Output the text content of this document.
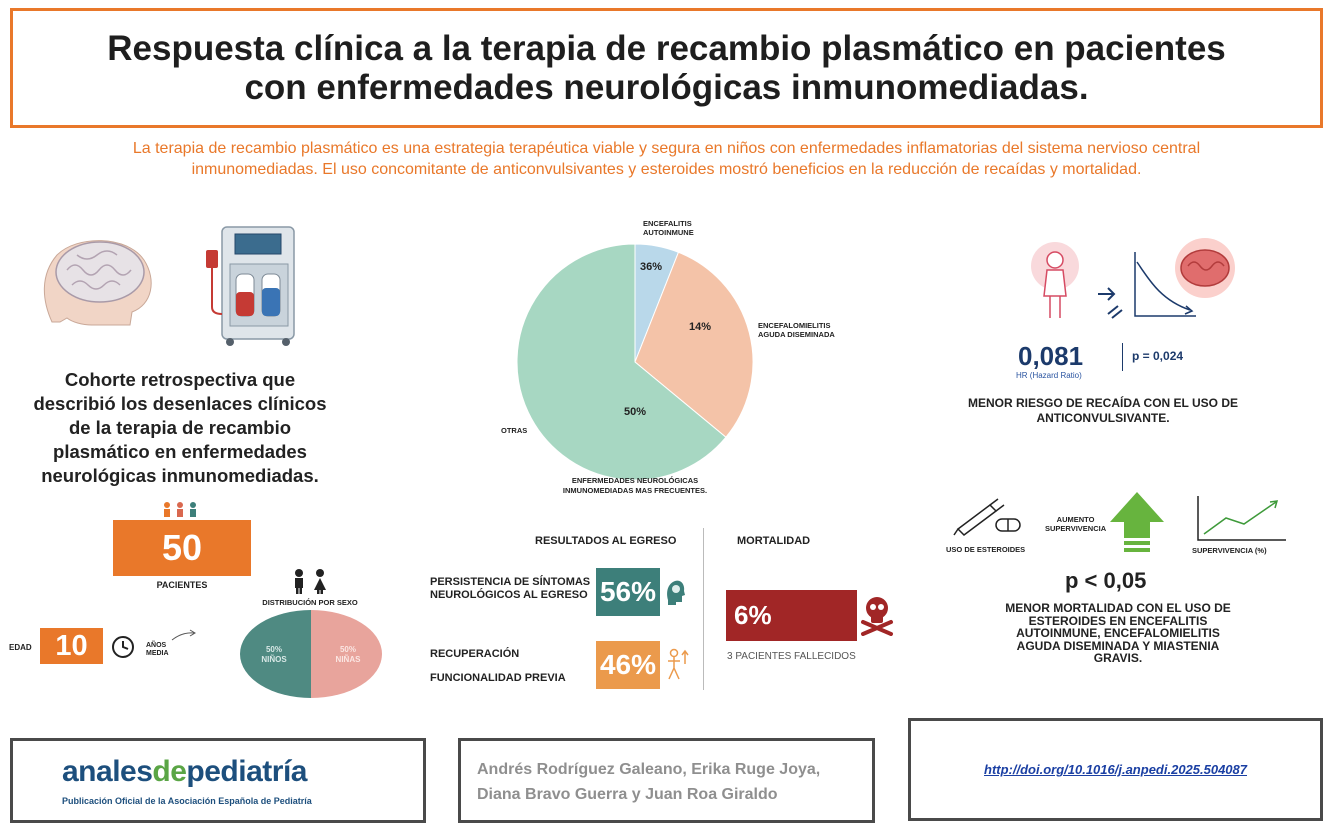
Respuesta clínica a la terapia de recambio plasmático en pacientes
con enfermedades neurológicas inmunomediadas.
La terapia de recambio plasmático es una estrategia terapéutica viable y segura en niños con enfermedades inflamatorias del sistema nervioso central
inmunomediadas. El uso concomitante de anticonvulsivantes y esteroides mostró beneficios en la reducción de recaídas y mortalidad.
Cohorte retrospectiva que
describió los desenlaces clínicos
de la terapia de recambio
plasmático en enfermedades
neurológicas inmunomediadas.
50
PACIENTES
EDAD 10	AÑOS
MEDIA
DISTRIBUCIÓN POR SEXO
50%
NIÑOS
50%
NIÑAS
36%
14%
50%
ENCEFALITIS
AUTOINMUNE
ENCEFALOMIELITIS
AGUDA DISEMINADA
OTRAS
ENFERMEDADES NEUROLÓGICAS
INMUNOMEDIADAS MAS FRECUENTES.
RESULTADOS AL EGRESO	MORTALIDAD
PERSISTENCIA DE SÍNTOMAS
NEUROLÓGICOS AL EGRESO 56%
RECUPERACIÓN
FUNCIONALIDAD PREVIA 46%
6%
3 PACIENTES FALLECIDOS
0,081
HR (Hazard Ratio)
p = 0,024
MENOR RIESGO DE RECAÍDA CON EL USO DE
ANTICONVULSIVANTE.
USO DE ESTEROIDES
AUMENTO
SUPERVIVENCIA
SUPERVIVENCIA (%)
p < 0,05
MENOR MORTALIDAD CON EL USO DE
ESTEROIDES EN ENCEFALITIS
AUTOINMUNE, ENCEFALOMIELITIS
AGUDA DISEMINADA Y MIASTENIA
GRAVIS.
analesdepediatría
Publicación Oficial de la Asociación Española de Pediatría
Andrés Rodríguez Galeano, Erika Ruge Joya,
Diana Bravo Guerra y Juan Roa Giraldo
http://doi.org/10.1016/j.anpedi.2025.504087
